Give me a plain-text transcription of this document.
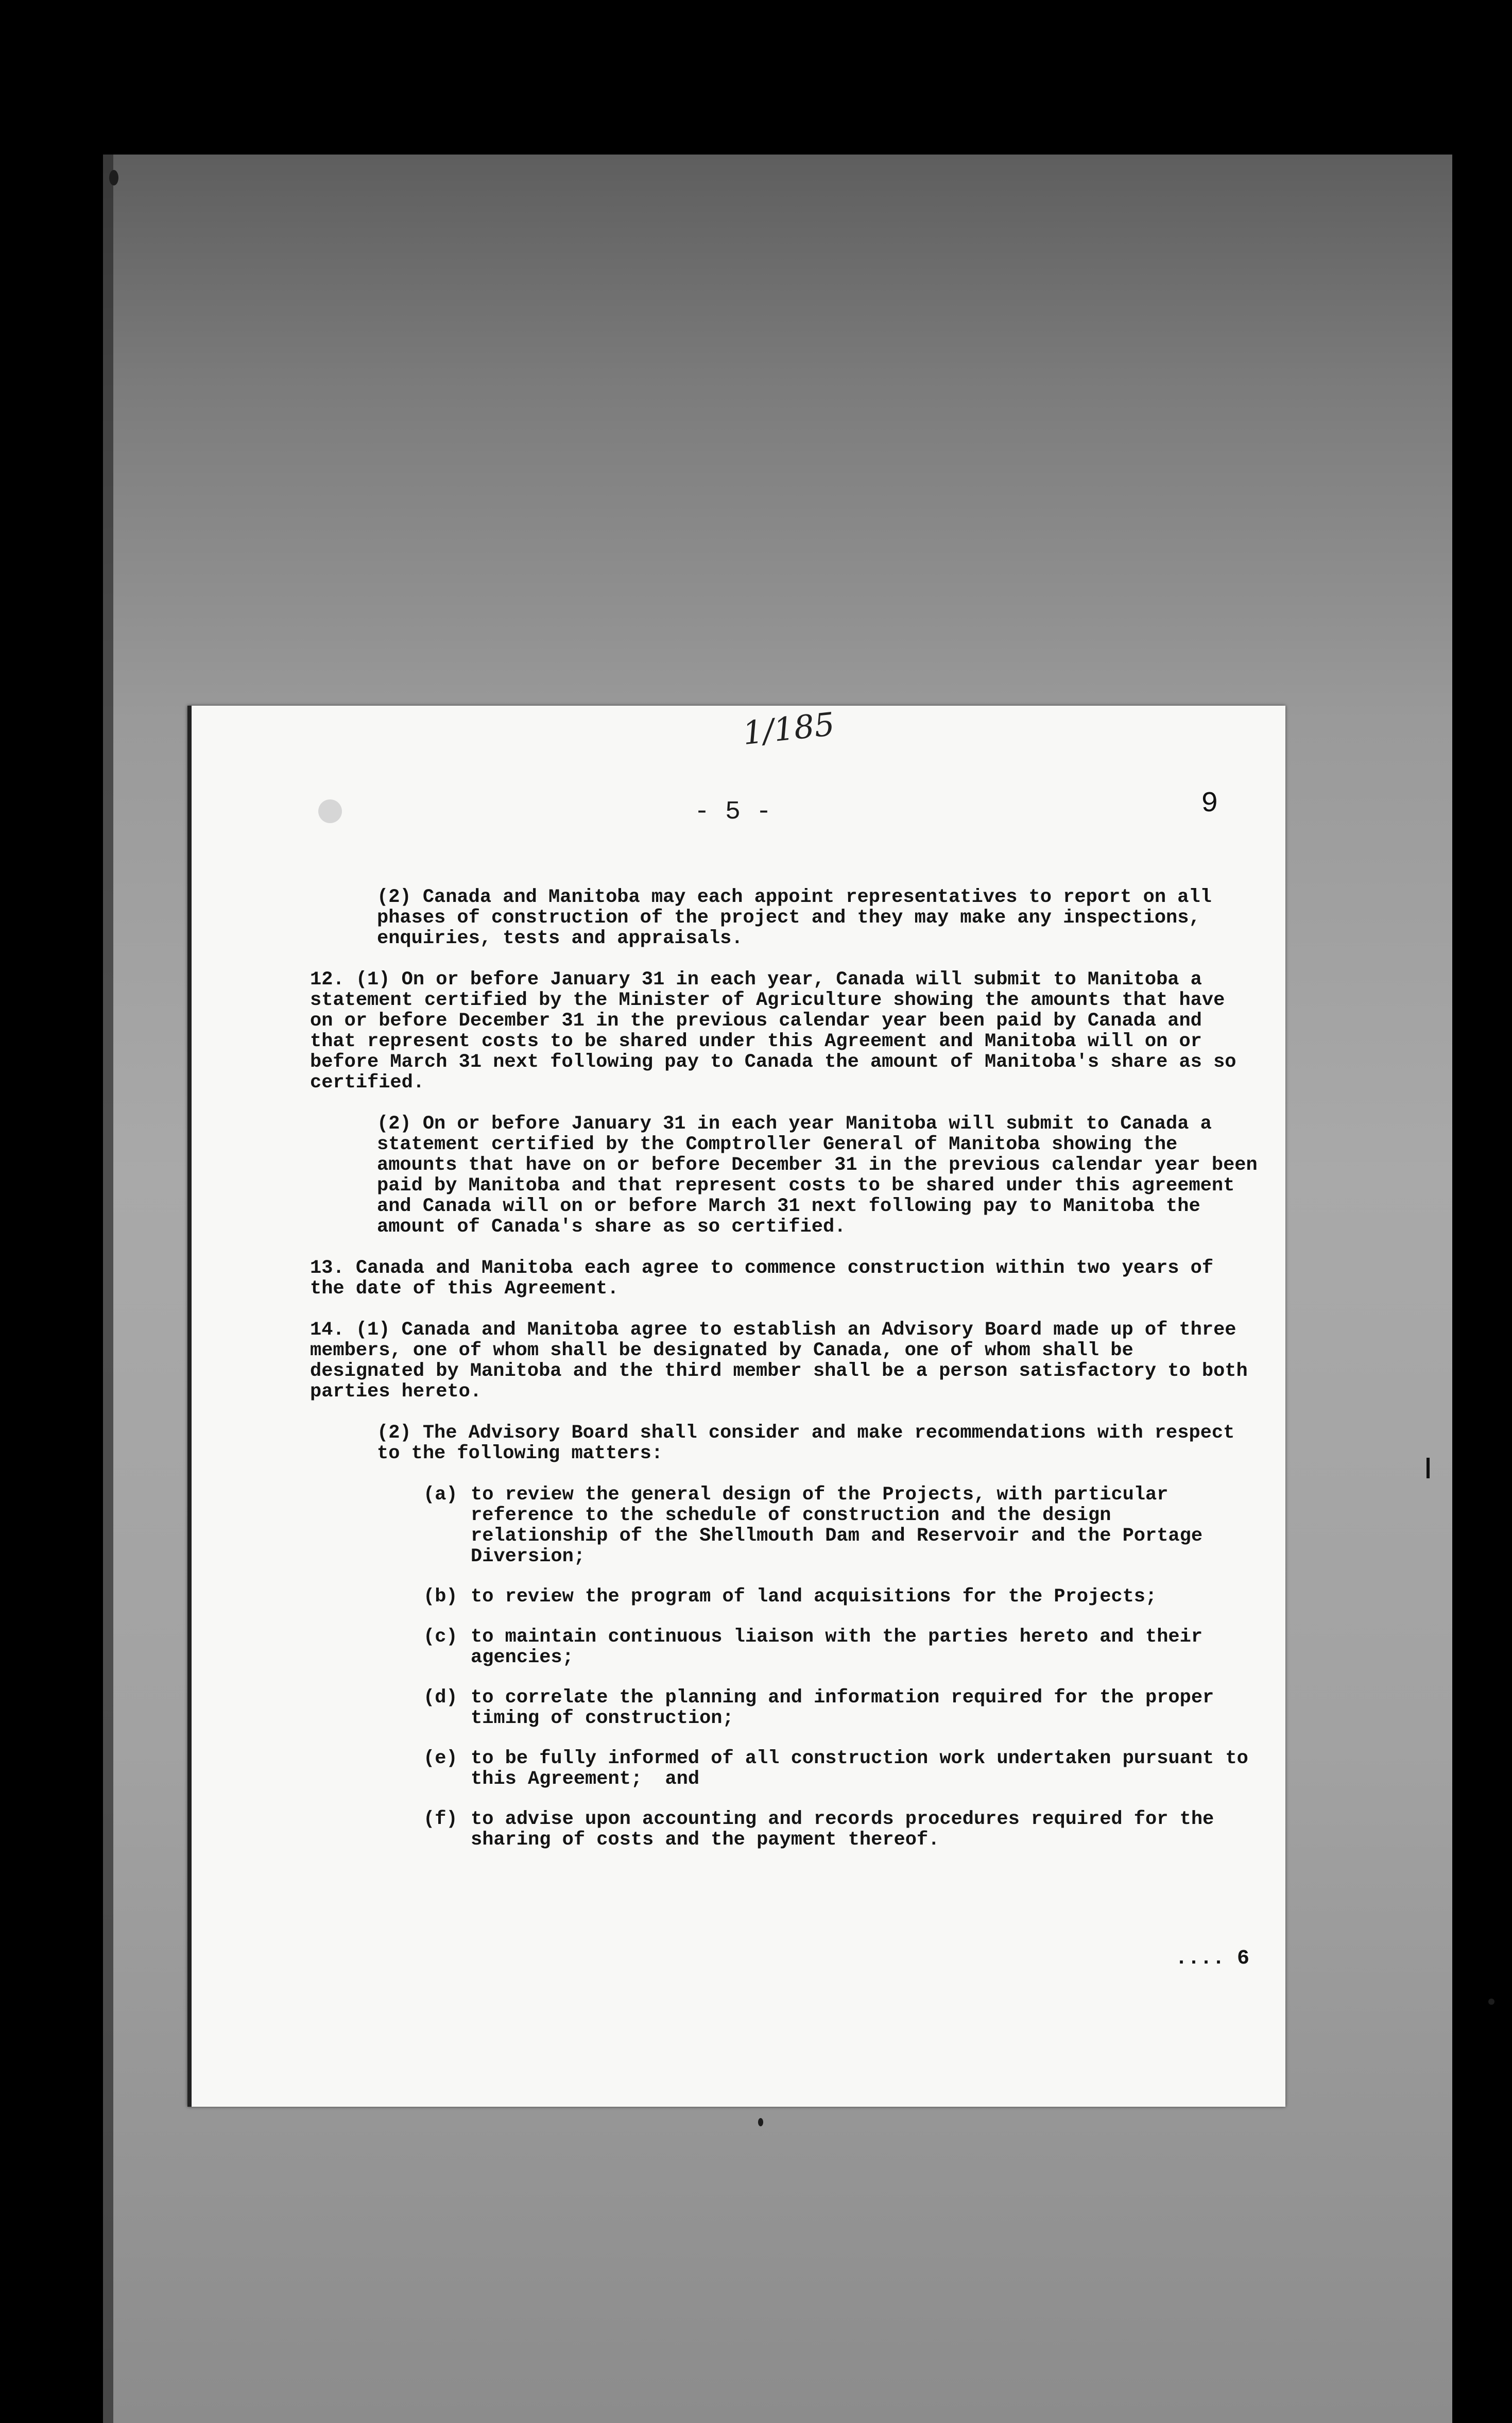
1/185
- 5 -	9

(2) Canada and Manitoba may each appoint representatives to report on all phases of construction of the project and they may make any inspections, enquiries, tests and appraisals.

12. (1) On or before January 31 in each year, Canada will submit to Manitoba a statement certified by the Minister of Agriculture showing the amounts that have on or before December 31 in the previous calendar year been paid by Canada and that represent costs to be shared under this Agreement and Manitoba will on or before March 31 next following pay to Canada the amount of Manitoba's share as so certified.

(2) On or before January 31 in each year Manitoba will submit to Canada a statement certified by the Comptroller General of Manitoba showing the amounts that have on or before December 31 in the previous calendar year been paid by Manitoba and that represent costs to be shared under this agreement and Canada will on or before March 31 next following pay to Manitoba the amount of Canada's share as so certified.

13. Canada and Manitoba each agree to commence construction within two years of the date of this Agreement.

14. (1) Canada and Manitoba agree to establish an Advisory Board made up of three members, one of whom shall be designated by Canada, one of whom shall be designated by Manitoba and the third member shall be a person satisfactory to both parties hereto.

(2) The Advisory Board shall consider and make recommendations with respect to the following matters:

(a) to review the general design of the Projects, with particular reference to the schedule of construction and the design relationship of the Shellmouth Dam and Reservoir and the Portage Diversion;
(b) to review the program of land acquisitions for the Projects;
(c) to maintain continuous liaison with the parties hereto and their agencies;
(d) to correlate the planning and information required for the proper timing of construction;
(e) to be fully informed of all construction work undertaken pursuant to this Agreement;  and
(f) to advise upon accounting and records procedures required for the sharing of costs and the payment thereof.
.... 6
